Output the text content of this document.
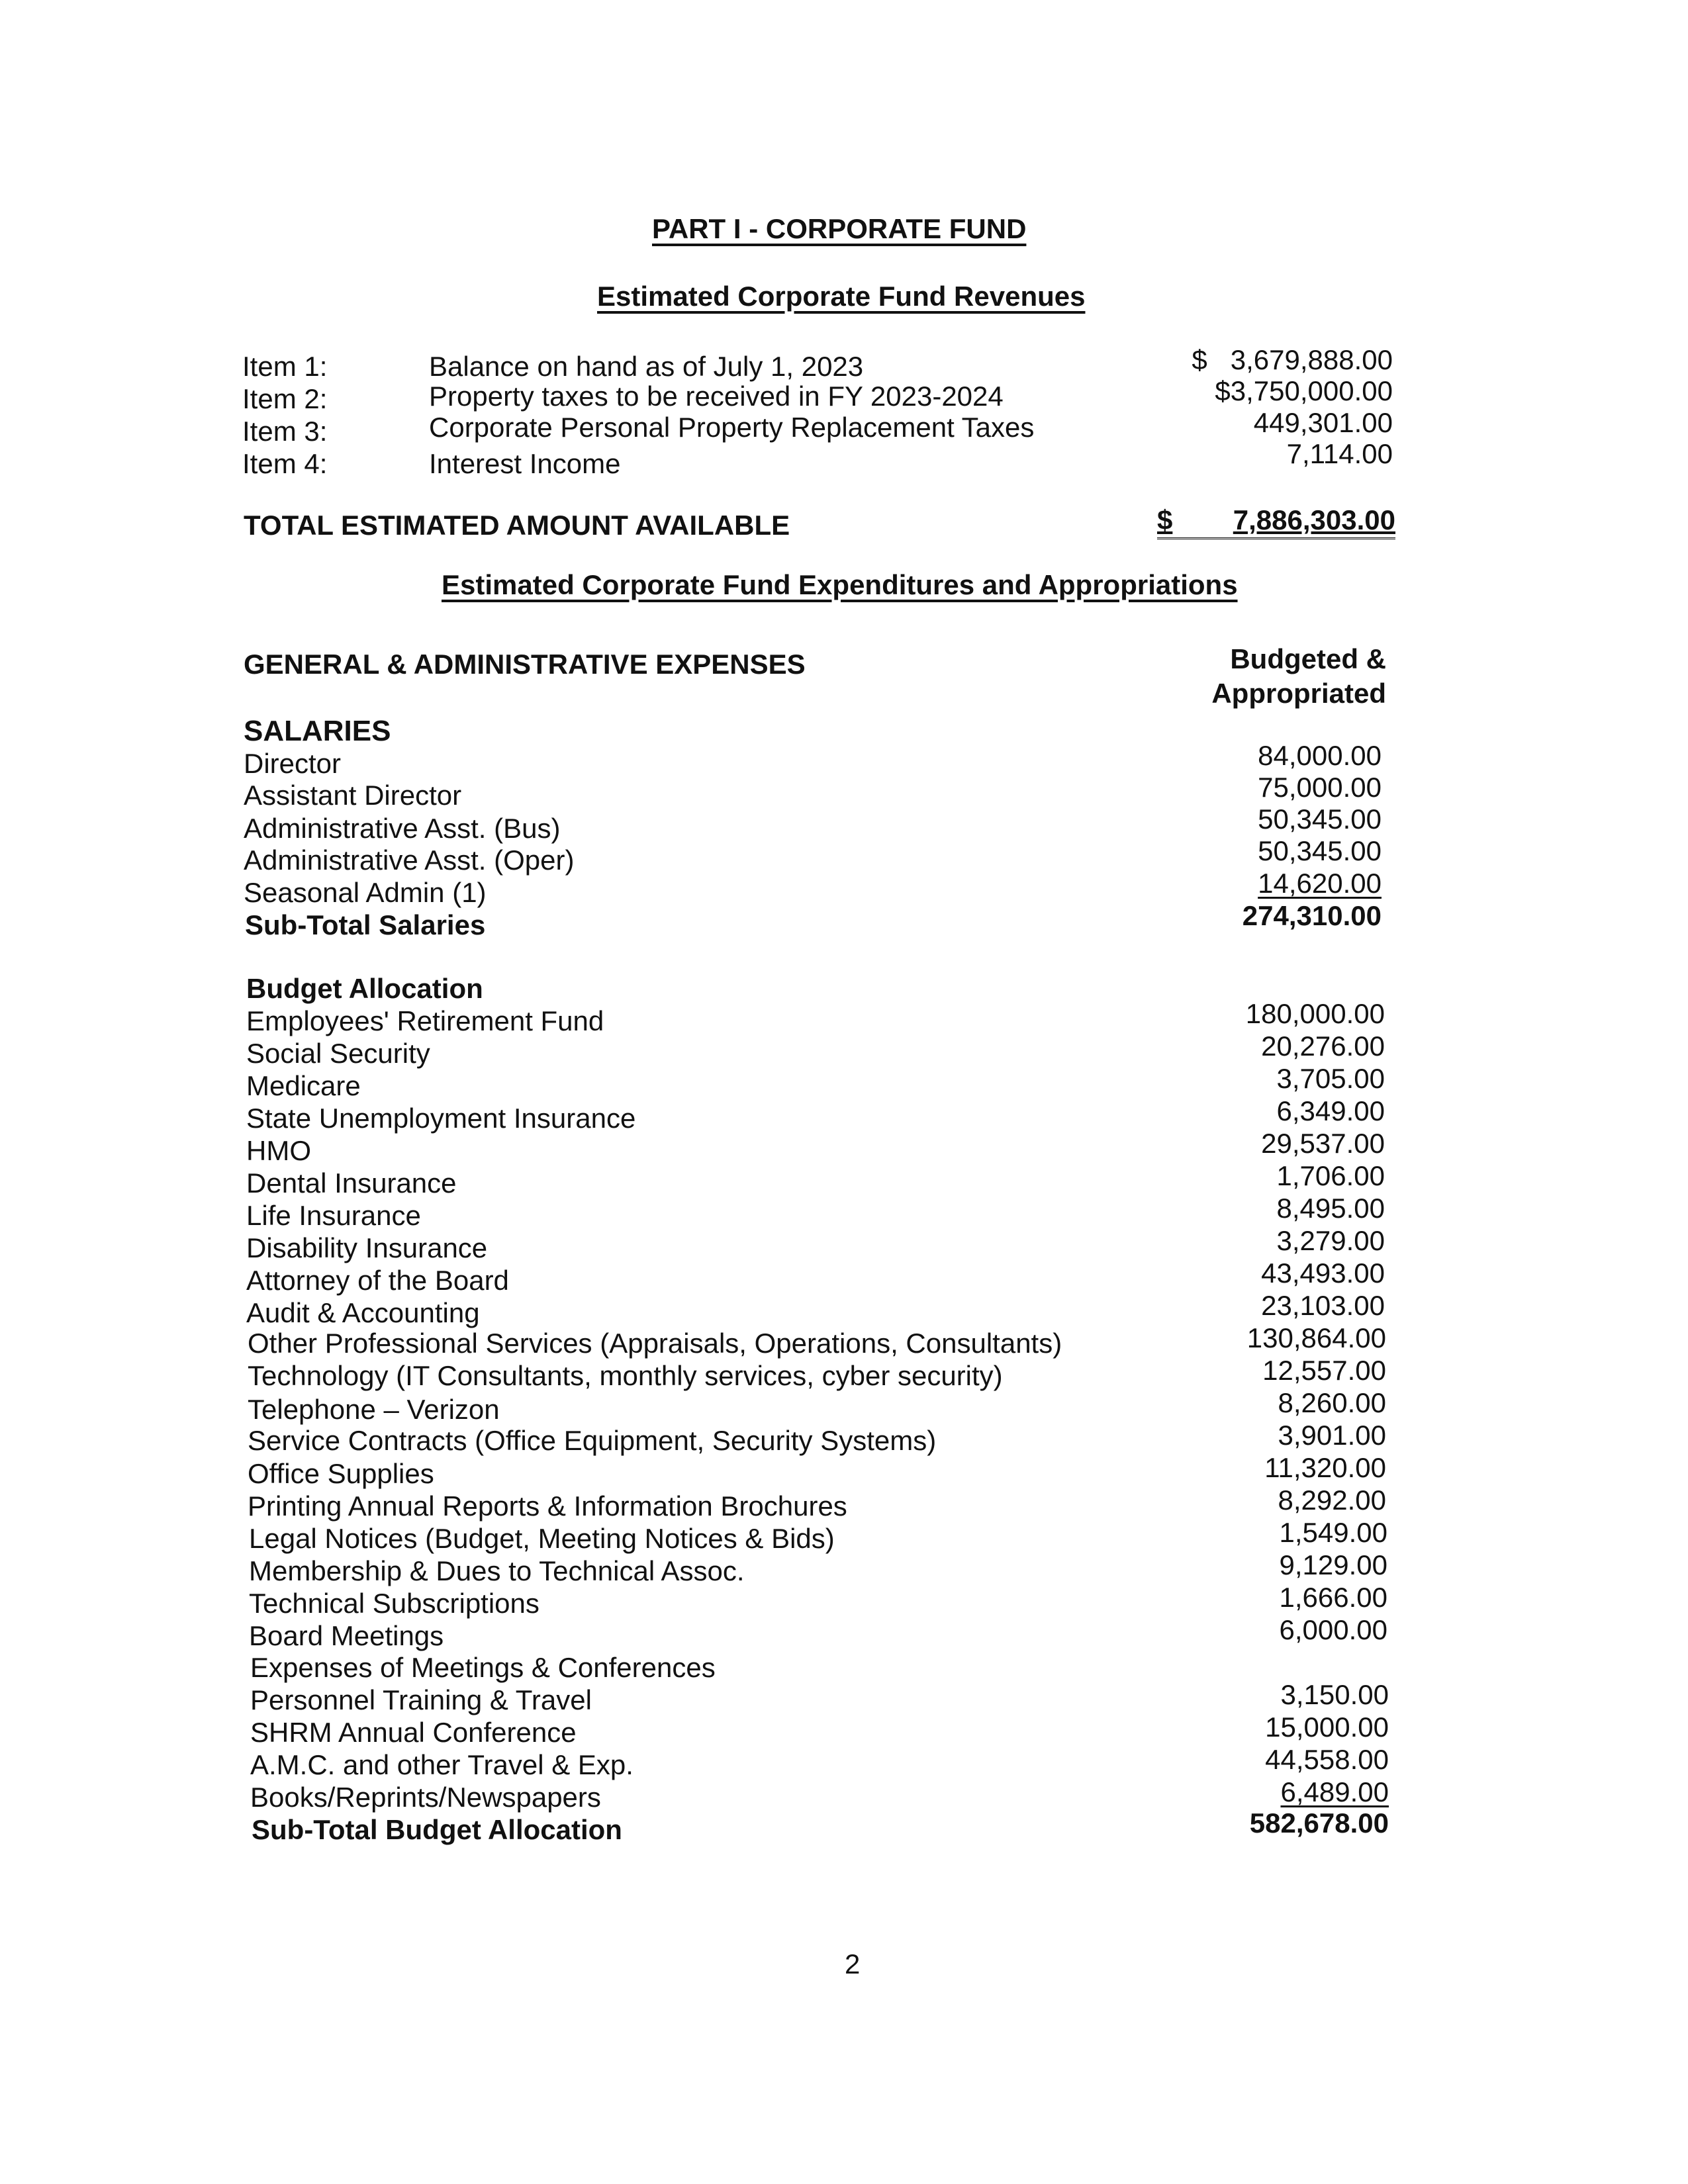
PART I - CORPORATE FUND
Estimated Corporate Fund Revenues
Item 1:	Balance on hand as of July 1, 2023	$   3,679,888.00
Item 2:	Property taxes to be received in FY 2023-2024	$3,750,000.00
Item 3:	Corporate Personal Property Replacement Taxes	449,301.00
Item 4:	Interest Income	7,114.00
TOTAL ESTIMATED AMOUNT AVAILABLE	$ 7,886,303.00

Estimated Corporate Fund Expenditures and Appropriations
GENERAL & ADMINISTRATIVE EXPENSES	Budgeted & Appropriated
SALARIES
Director	84,000.00
Assistant Director	75,000.00
Administrative Asst. (Bus)	50,345.00
Administrative Asst. (Oper)	50,345.00
Seasonal Admin (1)	14,620.00
Sub-Total Salaries	274,310.00
Budget Allocation
Employees' Retirement Fund	180,000.00
Social Security	20,276.00
Medicare	3,705.00
State Unemployment Insurance	6,349.00
HMO	29,537.00
Dental Insurance	1,706.00
Life Insurance	8,495.00
Disability Insurance	3,279.00
Attorney of the Board	43,493.00
Audit & Accounting	23,103.00
Other Professional Services (Appraisals, Operations, Consultants)	130,864.00
Technology (IT Consultants, monthly services, cyber security)	12,557.00
Telephone – Verizon	8,260.00
Service Contracts (Office Equipment, Security Systems)	3,901.00
Office Supplies	11,320.00
Printing Annual Reports & Information Brochures	8,292.00
Legal Notices (Budget, Meeting Notices & Bids)	1,549.00
Membership & Dues to Technical Assoc.	9,129.00
Technical Subscriptions	1,666.00
Board Meetings	6,000.00
Expenses of Meetings & Conferences
Personnel Training & Travel	3,150.00
SHRM Annual Conference	15,000.00
A.M.C. and other Travel & Exp.	44,558.00
Books/Reprints/Newspapers	6,489.00
Sub-Total Budget Allocation	582,678.00
2
